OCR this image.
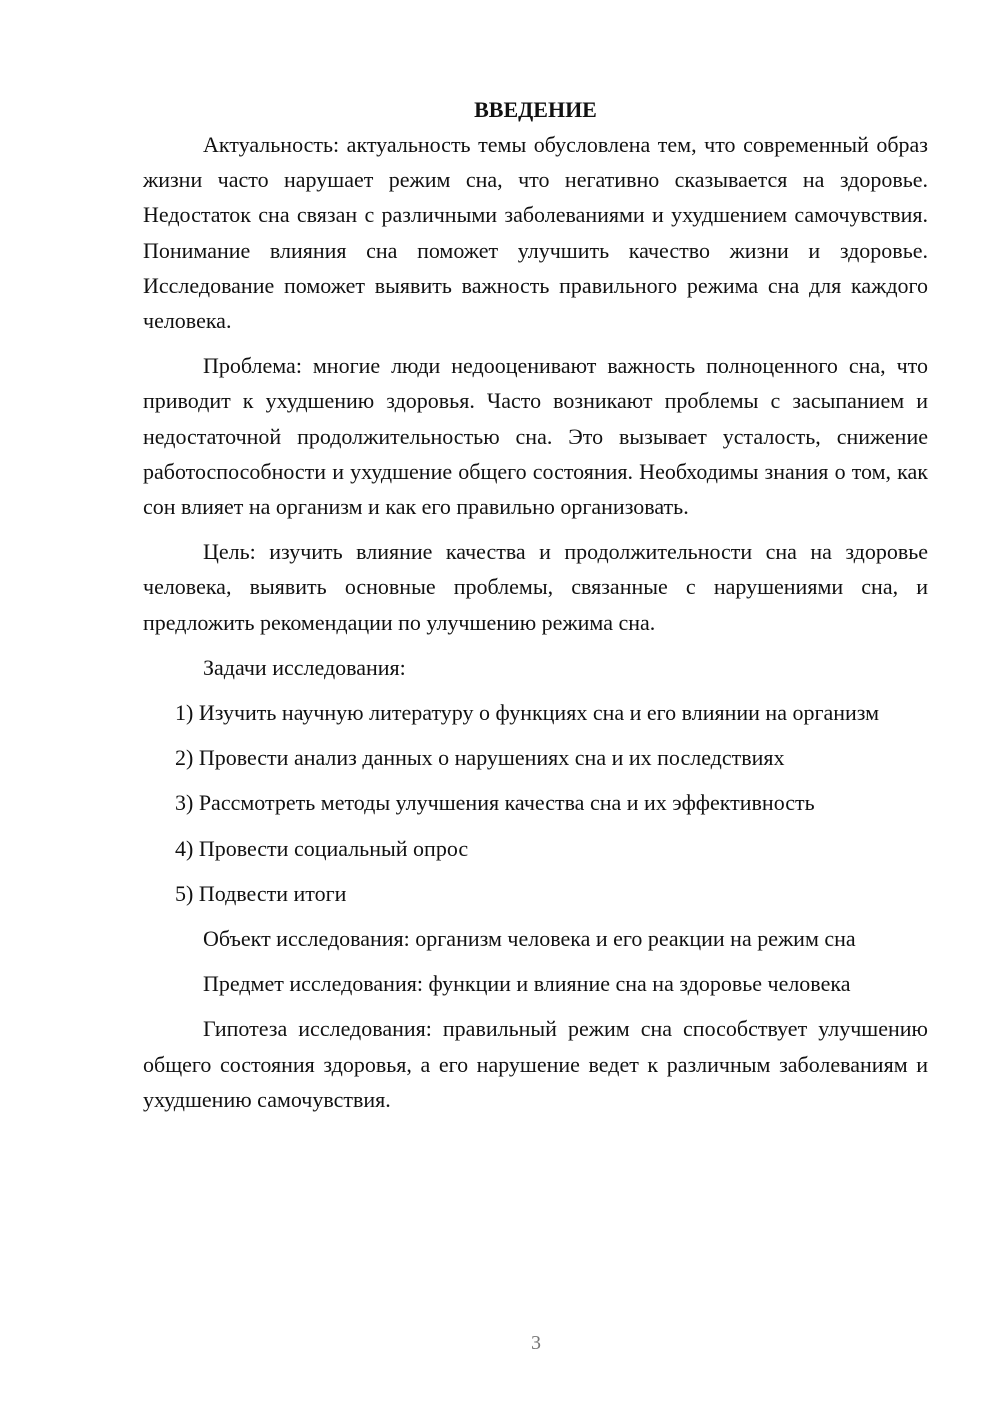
ВВЕДЕНИЕ

Актуальность: актуальность темы обусловлена тем, что современный образ жизни часто нарушает режим сна, что негативно сказывается на здоровье. Недостаток сна связан с различными заболеваниями и ухудшением самочувствия. Понимание влияния сна поможет улучшить качество жизни и здоровье. Исследование поможет выявить важность правильного режима сна для каждого человека.

Проблема: многие люди недооценивают важность полноценного сна, что приводит к ухудшению здоровья. Часто возникают проблемы с засыпанием и недостаточной продолжительностью сна. Это вызывает усталость, снижение работоспособности и ухудшение общего состояния. Необходимы знания о том, как сон влияет на организм и как его правильно организовать.

Цель: изучить влияние качества и продолжительности сна на здоровье человека, выявить основные проблемы, связанные с нарушениями сна, и предложить рекомендации по улучшению режима сна.

Задачи исследования:

1) Изучить научную литературу о функциях сна и его влиянии на организм

2) Провести анализ данных о нарушениях сна и их последствиях

3) Рассмотреть методы улучшения качества сна и их эффективность

4) Провести социальный опрос

5) Подвести итоги

Объект исследования: организм человека и его реакции на режим сна

Предмет исследования: функции и влияние сна на здоровье человека

Гипотеза исследования: правильный режим сна способствует улучшению общего состояния здоровья, а его нарушение ведет к различным заболеваниям и ухудшению самочувствия.

3
